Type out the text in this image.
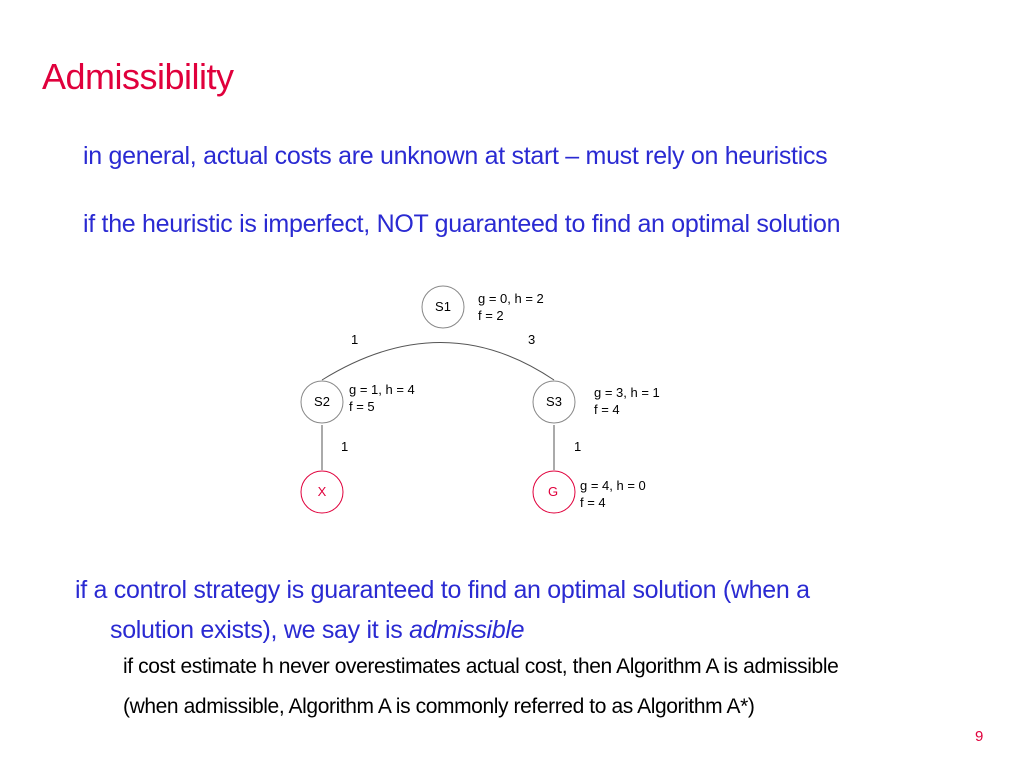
Admissibility
in general, actual costs are unknown at start – must rely on heuristics
if the heuristic is imperfect, NOT guaranteed to find an optimal solution
S1
S2	S3
X	G
g = 0, h = 2
f = 2
g = 1, h = 4
f = 5
g = 3, h = 1
f = 4
g = 4, h = 0
f = 4
1	3
1	1
if a control strategy is guaranteed to find an optimal solution (when a
solution exists), we say it is admissible
if cost estimate h never overestimates actual cost, then Algorithm A is admissible
(when admissible, Algorithm A is commonly referred to as Algorithm A*)
9
